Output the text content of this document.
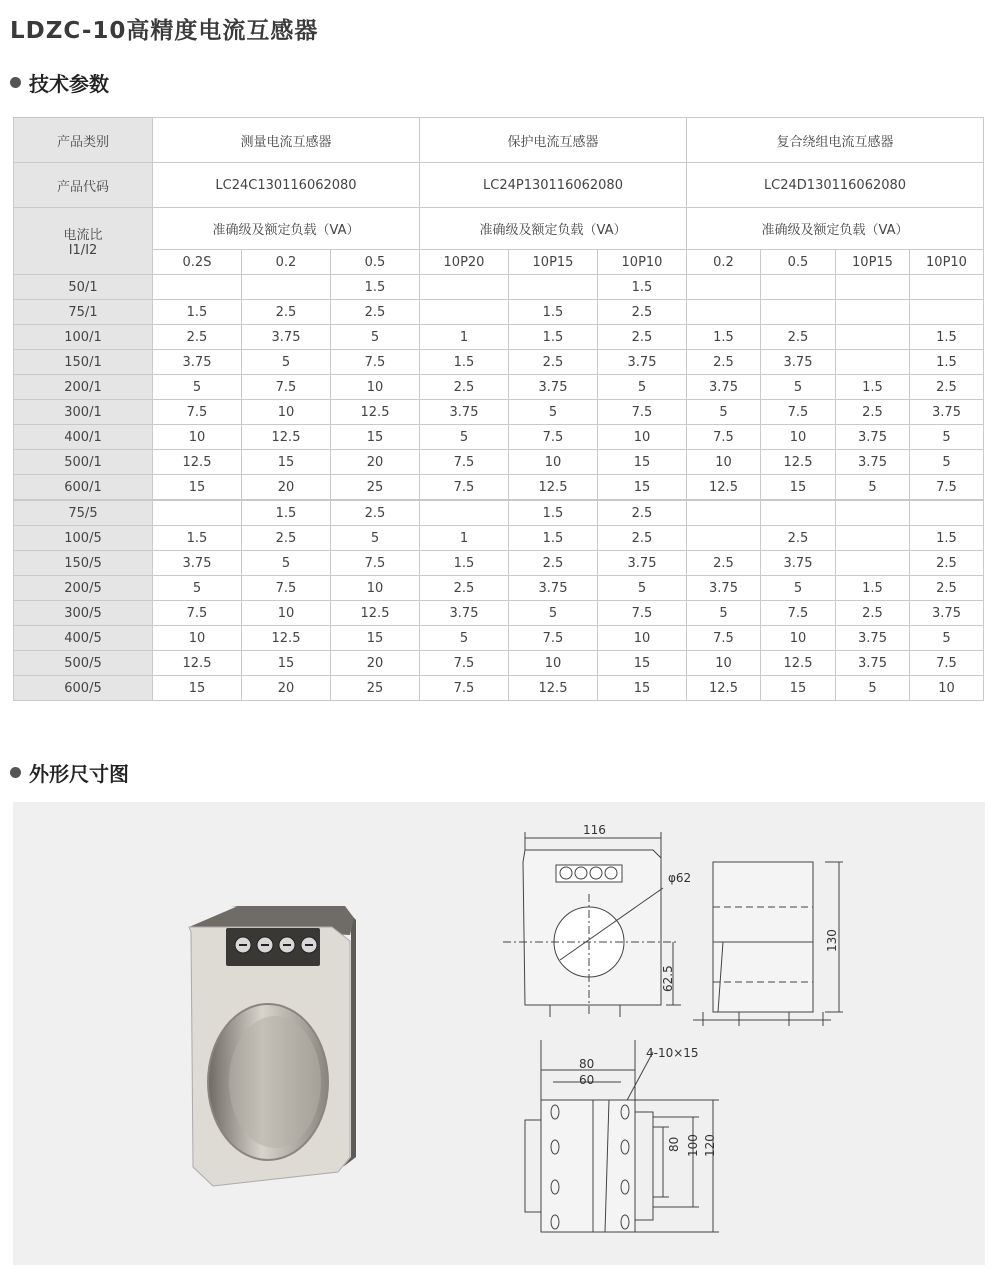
LDZC-10高精度电流互感器
技术参数
产品类别	测量电流互感器			保护电流互感器			复合绕组电流互感器			
产品代码	LC24C130116062080			LC24P130116062080			LC24D130116062080			

电流比
I1/I2	准确级及额定负载（VA）			准确级及额定负载（VA）			准确级及额定负载（VA）			
	0.2S	0.2	0.5	10P20	10P15	10P10	0.2	0.5	10P15	10P10
50/1			1.5			1.5				
75/1	1.5	2.5	2.5		1.5	2.5				
100/1	2.5	3.75	5	1	1.5	2.5	1.5	2.5		1.5
150/1	3.75	5	7.5	1.5	2.5	3.75	2.5	3.75		1.5
200/1	5	7.5	10	2.5	3.75	5	3.75	5	1.5	2.5
300/1	7.5	10	12.5	3.75	5	7.5	5	7.5	2.5	3.75
400/1	10	12.5	15	5	7.5	10	7.5	10	3.75	5
500/1	12.5	15	20	7.5	10	15	10	12.5	3.75	5
600/1	15	20	25	7.5	12.5	15	12.5	15	5	7.5
75/5		1.5	2.5		1.5	2.5				
100/5	1.5	2.5	5	1	1.5	2.5		2.5		1.5
150/5	3.75	5	7.5	1.5	2.5	3.75	2.5	3.75		2.5
200/5	5	7.5	10	2.5	3.75	5	3.75	5	1.5	2.5
300/5	7.5	10	12.5	3.75	5	7.5	5	7.5	2.5	3.75
400/5	10	12.5	15	5	7.5	10	7.5	10	3.75	5
500/5	12.5	15	20	7.5	10	15	10	12.5	3.75	7.5
600/5	15	20	25	7.5	12.5	15	12.5	15	5	10
外形尺寸图
116
φ62
62.5
130
4-10×15
80
60
80 100 120
